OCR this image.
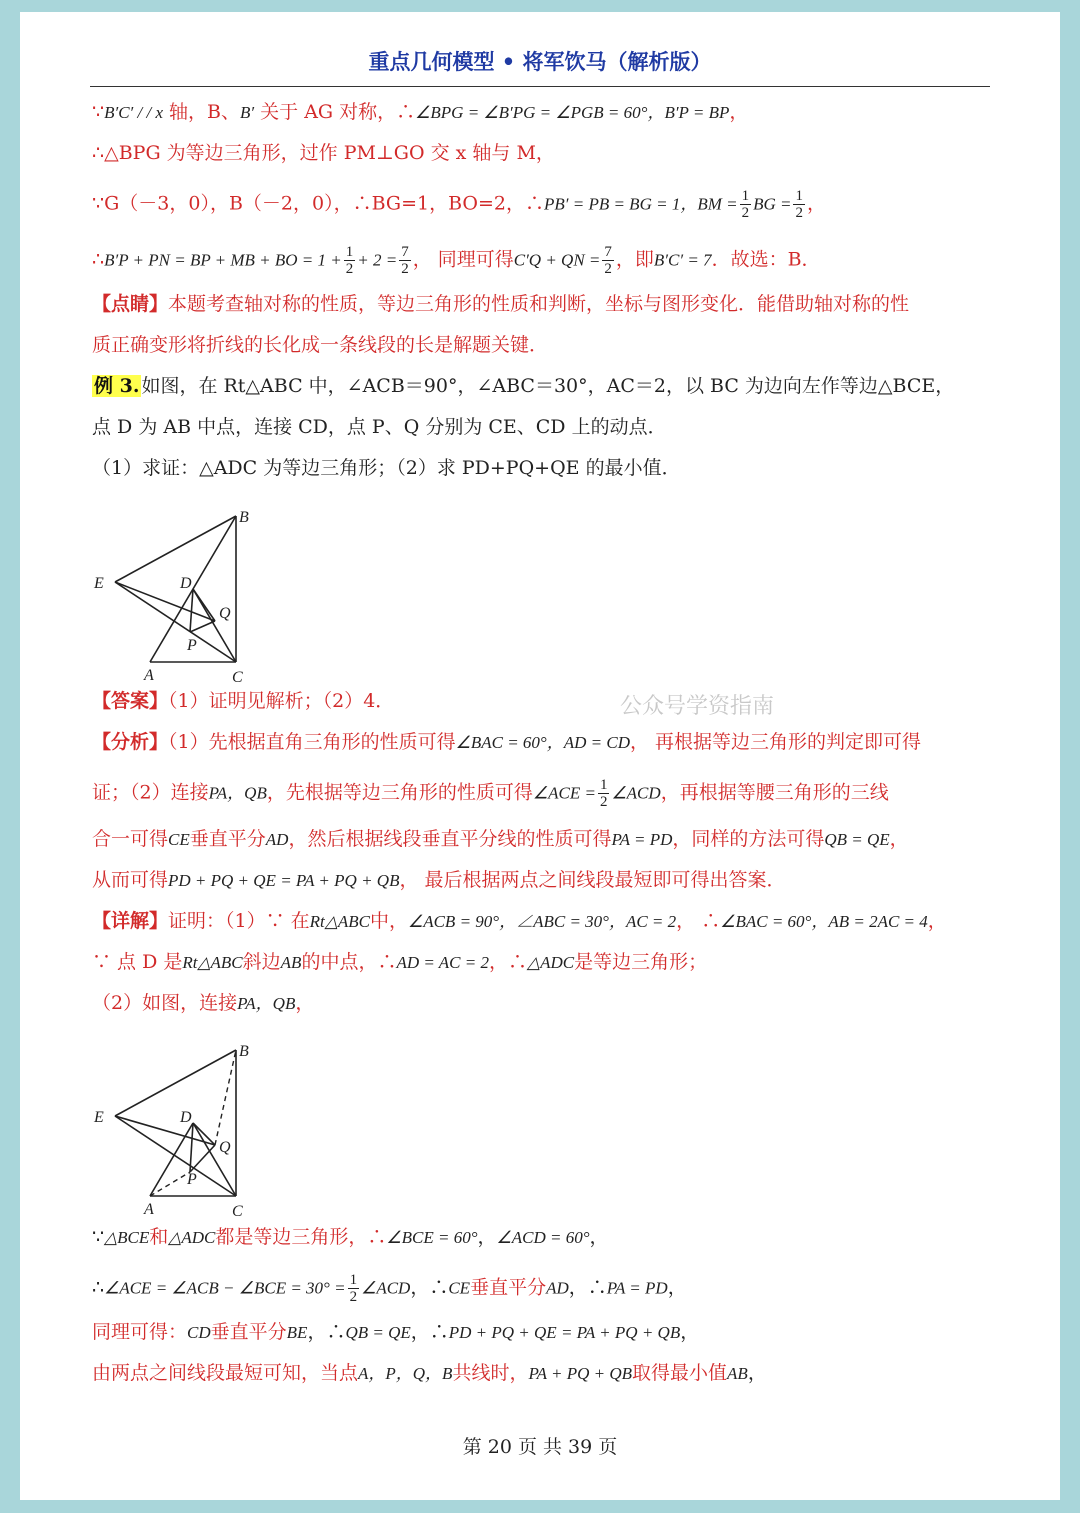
重点几何模型 • 将军饮马（解析版）
∵B′C′ / / x 轴，B、B′ 关于 AG 对称，∴∠BPG = ∠B′PG = ∠PGB = 60°，B′P = BP，
∴△BPG 为等边三角形，过作 PM⊥GO 交 x 轴与 M，
∵G（－3，0），B（－2，0），∴BG=1，BO=2，∴PB′ = PB = BG = 1，BM = $\frac{1}{2}$ BG = $\frac{1}{2}$ ，
∴B′P + PN = BP + MB + BO = $1 + \frac{1}{2} + 2 = \frac{7}{2}$ ， 同理可得C′Q + QN = $\frac{7}{2}$ ，即B′C′ = 7．故选：B．
【点睛】本题考查轴对称的性质，等边三角形的性质和判断，坐标与图形变化．能借助轴对称的性
质正确变形将折线的长化成一条线段的长是解题关键．
例 3. 如图，在 Rt△ABC 中，∠ACB＝90°，∠ABC＝30°，AC＝2，以 BC 为边向左作等边△BCE，
点 D 为 AB 中点，连接 CD，点 P、Q 分别为 CE、CD 上的动点．
（1）求证：△ADC 为等边三角形；（2）求 PD+PQ+QE 的最小值．
B
E	D
Q
P
A	C
公众号学资指南
【答案】（1）证明见解析；（2）4．
【分析】（1）先根据直角三角形的性质可得∠BAC = 60°，AD = CD， 再根据等边三角形的判定即可得
证；（2）连接PA，QB，先根据等边三角形的性质可得∠ACE = $\frac{1}{2}$ ∠ACD，再根据等腰三角形的三线
合一可得CE垂直平分AD，然后根据线段垂直平分线的性质可得PA = PD，同样的方法可得QB = QE，
从而可得PD + PQ + QE = PA + PQ + QB， 最后根据两点之间线段最短即可得出答案．
【详解】证明：（1）∵ 在Rt△ABC中，∠ACB = 90°，∠ABC = 30°，AC = 2， ∴∠BAC = 60°，AB = 2AC = 4，
∵ 点 D 是Rt△ABC斜边AB的中点，∴AD = AC = 2，∴△ADC是等边三角形；
（2）如图，连接PA，QB，
B
E	D
Q
P
A	C
∵△BCE和△ADC都是等边三角形，∴∠BCE = 60°，∠ACD = 60°，
∴∠ACE = ∠ACB − ∠BCE = $30^\circ = \frac{1}{2}$ ∠ACD，∴CE垂直平分AD，∴PA = PD，
同理可得：CD垂直平分BE，∴QB = QE，∴PD + PQ + QE = PA + PQ + QB，
由两点之间线段最短可知，当点A，P，Q，B共线时，PA + PQ + QB取得最小值AB，
第 20 页 共 39 页
